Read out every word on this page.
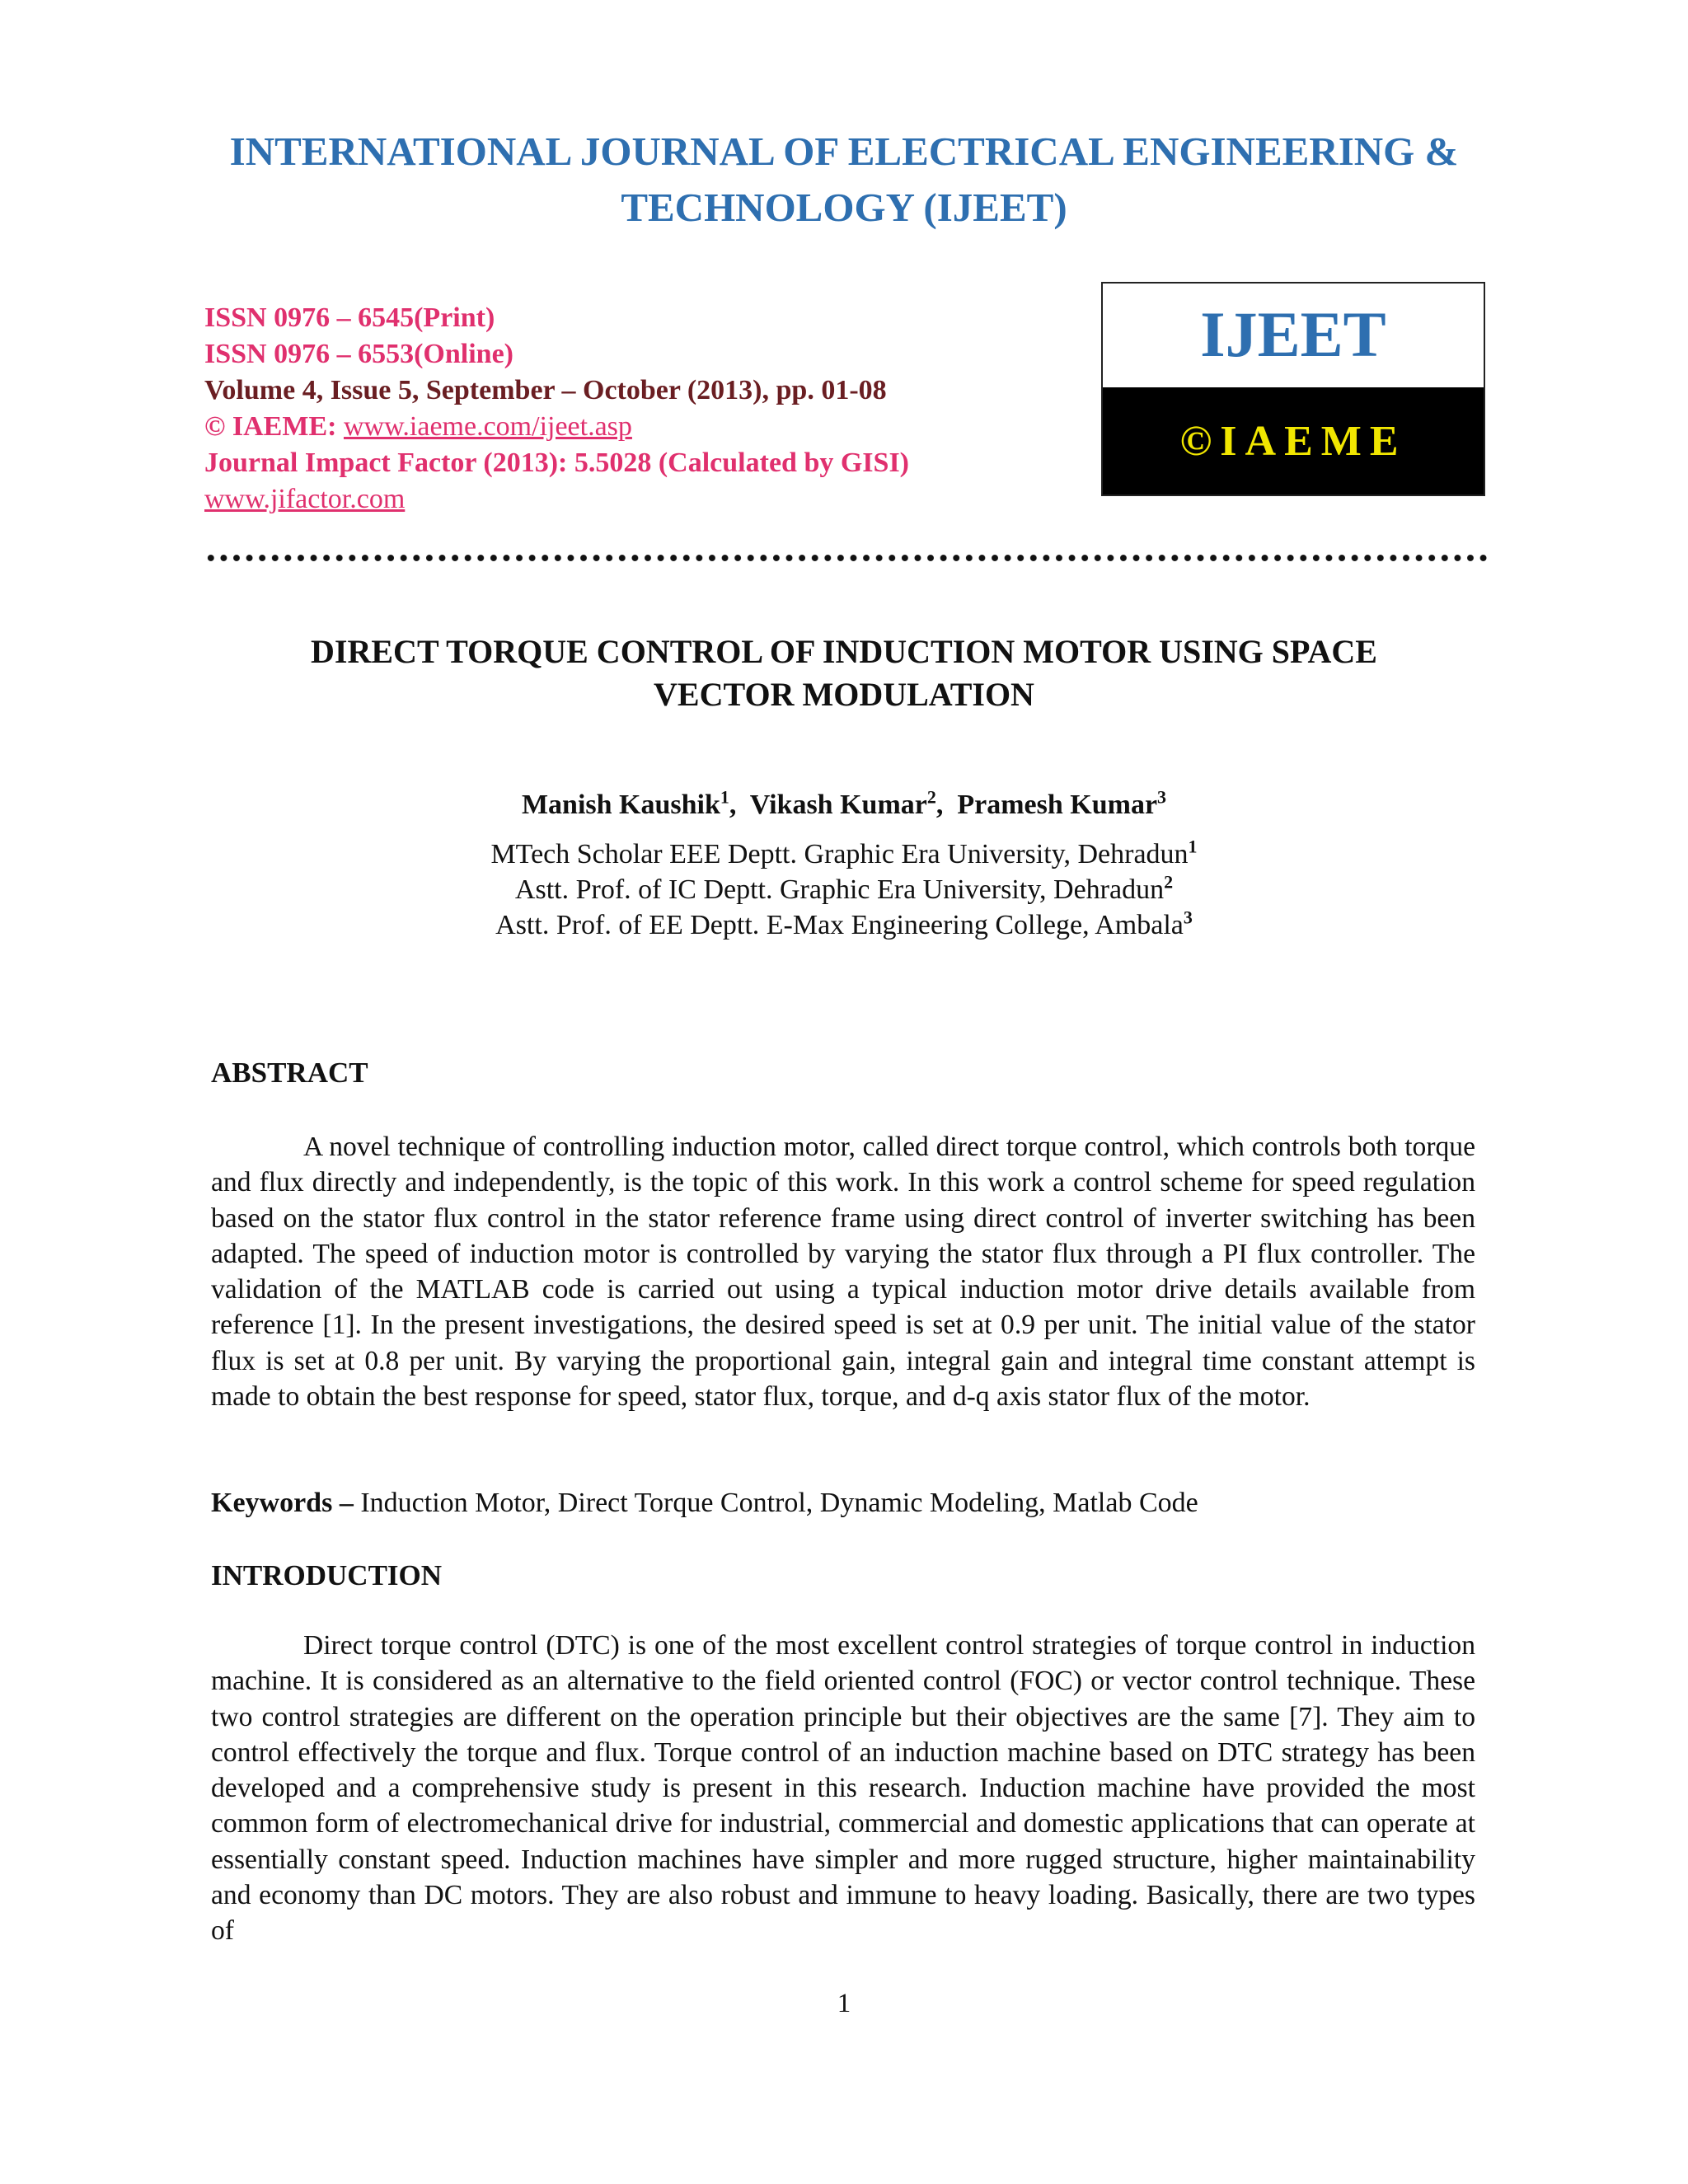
INTERNATIONAL JOURNAL OF ELECTRICAL ENGINEERING &
TECHNOLOGY (IJEET)
ISSN 0976 – 6545(Print)
ISSN 0976 – 6553(Online)
Volume 4, Issue 5, September – October (2013), pp. 01-08
© IAEME: www.iaeme.com/ijeet.asp
Journal Impact Factor (2013): 5.5028 (Calculated by GISI)
www.jifactor.com
IJEET
©IAEME
DIRECT TORQUE CONTROL OF INDUCTION MOTOR USING SPACE
VECTOR MODULATION
Manish Kaushik$^1$,  Vikash Kumar$^2$,  Pramesh Kumar$^3$
MTech Scholar EEE Deptt. Graphic Era University, Dehradun$^1$
Astt. Prof. of IC Deptt. Graphic Era University, Dehradun$^2$
Astt. Prof. of EE Deptt. E-Max Engineering College, Ambala$^3$
ABSTRACT
A novel technique of controlling induction motor, called direct torque control, which controls both torque and flux directly and independently, is the topic of this work. In this work a control scheme for speed regulation based on the stator flux control in the stator reference frame using direct control of inverter switching has been adapted. The speed of induction motor is controlled by varying the stator flux through a PI flux controller. The validation of the MATLAB code is carried out using a typical induction motor drive details available from reference [1]. In the present investigations, the desired speed is set at 0.9 per unit. The initial value of the stator flux is set at 0.8 per unit. By varying the proportional gain, integral gain and integral time constant attempt is made to obtain the best response for speed, stator flux, torque, and d-q axis stator flux of the motor.
Keywords – Induction Motor, Direct Torque Control, Dynamic Modeling, Matlab Code
INTRODUCTION
Direct torque control (DTC) is one of the most excellent control strategies of torque control in induction machine. It is considered as an alternative to the field oriented control (FOC) or vector control technique. These two control strategies are different on the operation principle but their objectives are the same [7]. They aim to control effectively the torque and flux. Torque control of an induction machine based on DTC strategy has been developed and a comprehensive study is present in this research. Induction machine have provided the most common form of electromechanical drive for industrial, commercial and domestic applications that can operate at essentially constant speed. Induction machines have simpler and more rugged structure, higher maintainability and economy than DC motors. They are also robust and immune to heavy loading. Basically, there are two types of
1
